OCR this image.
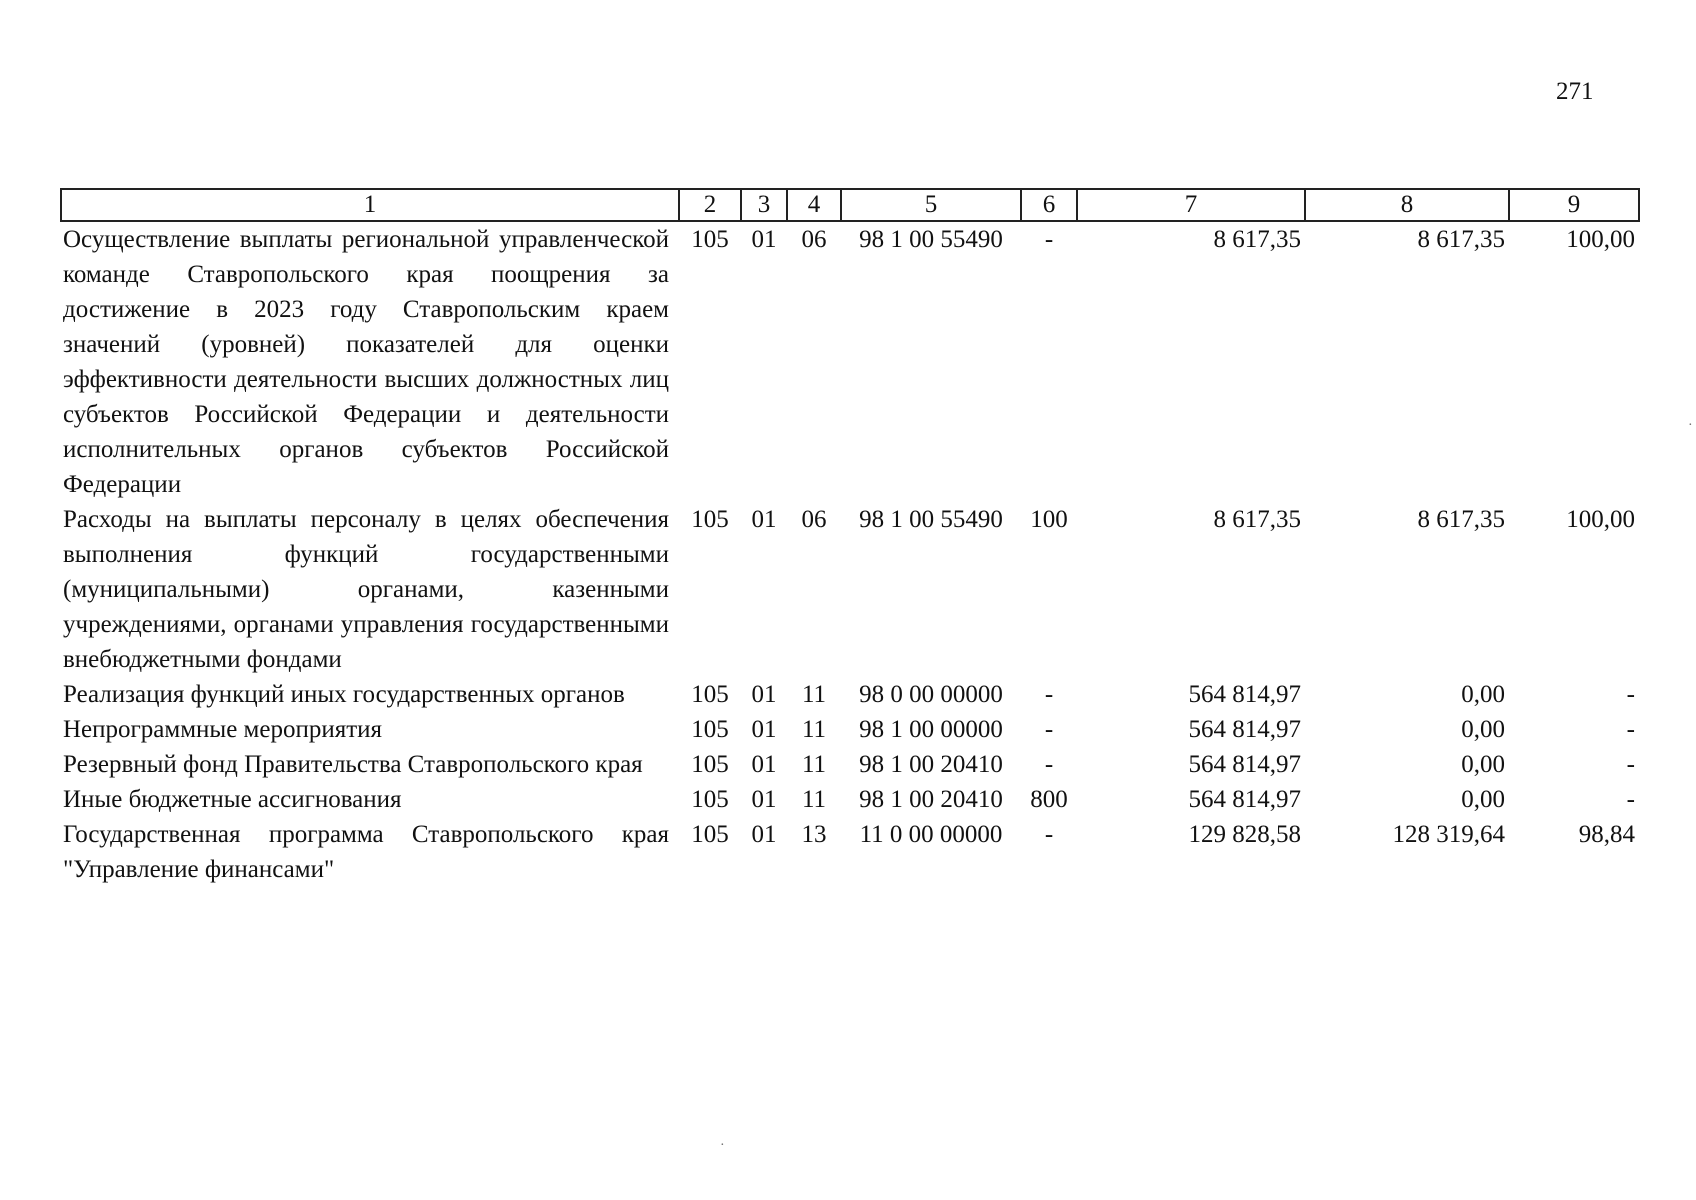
271
1	2	3	4	5	6	7	8	9
Осуществление выплаты региональной управленческой команде Ставропольского края поощрения за достижение в 2023 году Ставропольским краем значений (уровней) показателей для оценки эффективности деятельности высших должностных лиц субъектов Российской Федерации и деятельности исполнительных органов субъектов Российской Федерации	105	01	06	98 1 00 55490	-	8 617,35	8 617,35	100,00
Расходы на выплаты персоналу в целях обеспечения выполнения функций государственными (муниципальными) органами, казенными учреждениями, органами управления государственными внебюджетными фондами	105	01	06	98 1 00 55490	100	8 617,35	8 617,35	100,00
Реализация функций иных государственных органов	105	01	11	98 0 00 00000	-	564 814,97	0,00	-
Непрограммные мероприятия	105	01	11	98 1 00 00000	-	564 814,97	0,00	-
Резервный фонд Правительства Ставропольского края	105	01	11	98 1 00 20410	-	564 814,97	0,00	-
Иные бюджетные ассигнования	105	01	11	98 1 00 20410	800	564 814,97	0,00	-
Государственная программа Ставропольского края "Управление финансами"	105	01	13	11 0 00 00000	-	129 828,58	128 319,64	98,84
·
·
